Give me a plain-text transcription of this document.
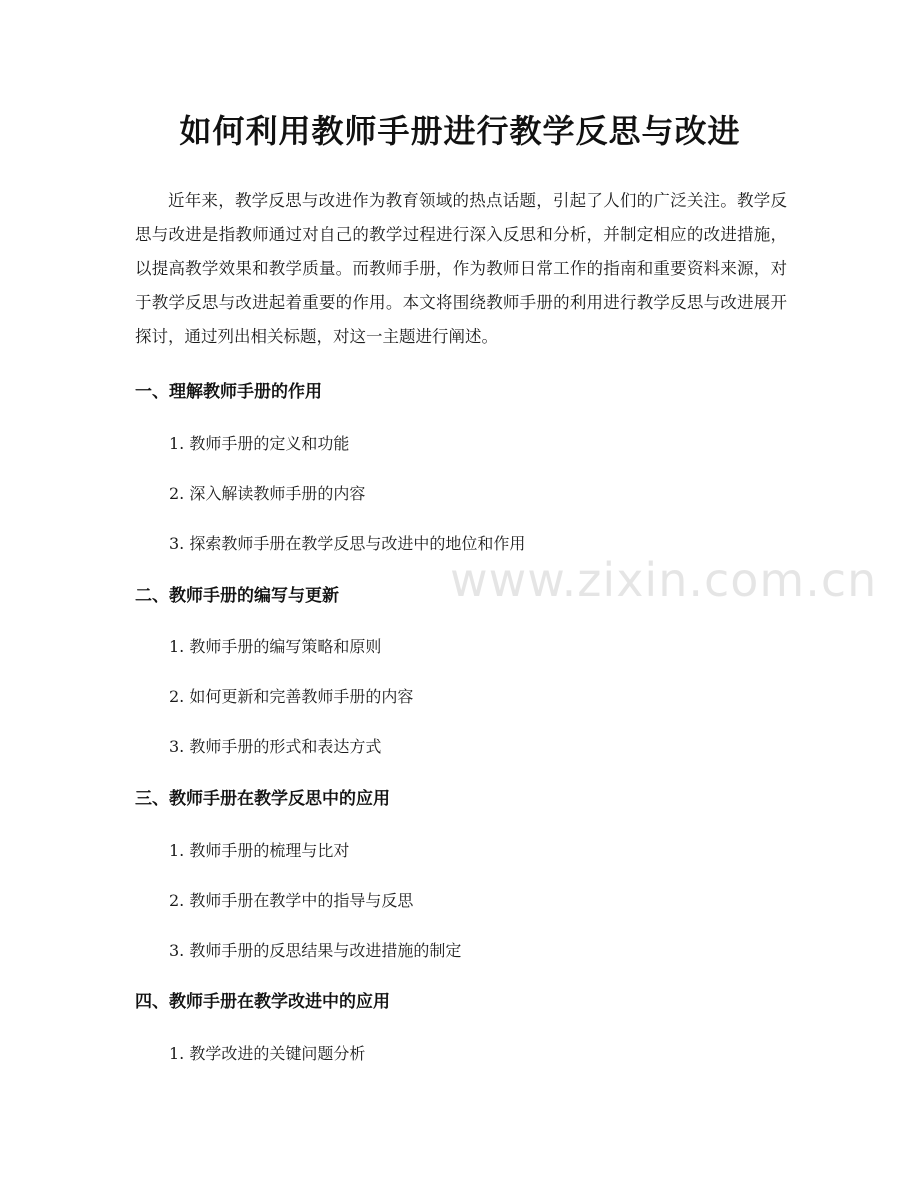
如何利用教师手册进行教学反思与改进

近年来，教学反思与改进作为教育领域的热点话题，引起了人们的广泛关注。教学反思与改进是指教师通过对自己的教学过程进行深入反思和分析，并制定相应的改进措施，以提高教学效果和教学质量。而教师手册，作为教师日常工作的指南和重要资料来源，对于教学反思与改进起着重要的作用。本文将围绕教师手册的利用进行教学反思与改进展开探讨，通过列出相关标题，对这一主题进行阐述。

一、理解教师手册的作用

1. 教师手册的定义和功能

2. 深入解读教师手册的内容

3. 探索教师手册在教学反思与改进中的地位和作用

二、教师手册的编写与更新

1. 教师手册的编写策略和原则

2. 如何更新和完善教师手册的内容

3. 教师手册的形式和表达方式

三、教师手册在教学反思中的应用

1. 教师手册的梳理与比对

2. 教师手册在教学中的指导与反思

3. 教师手册的反思结果与改进措施的制定

四、教师手册在教学改进中的应用

1. 教学改进的关键问题分析

www.zixin.com.cn
